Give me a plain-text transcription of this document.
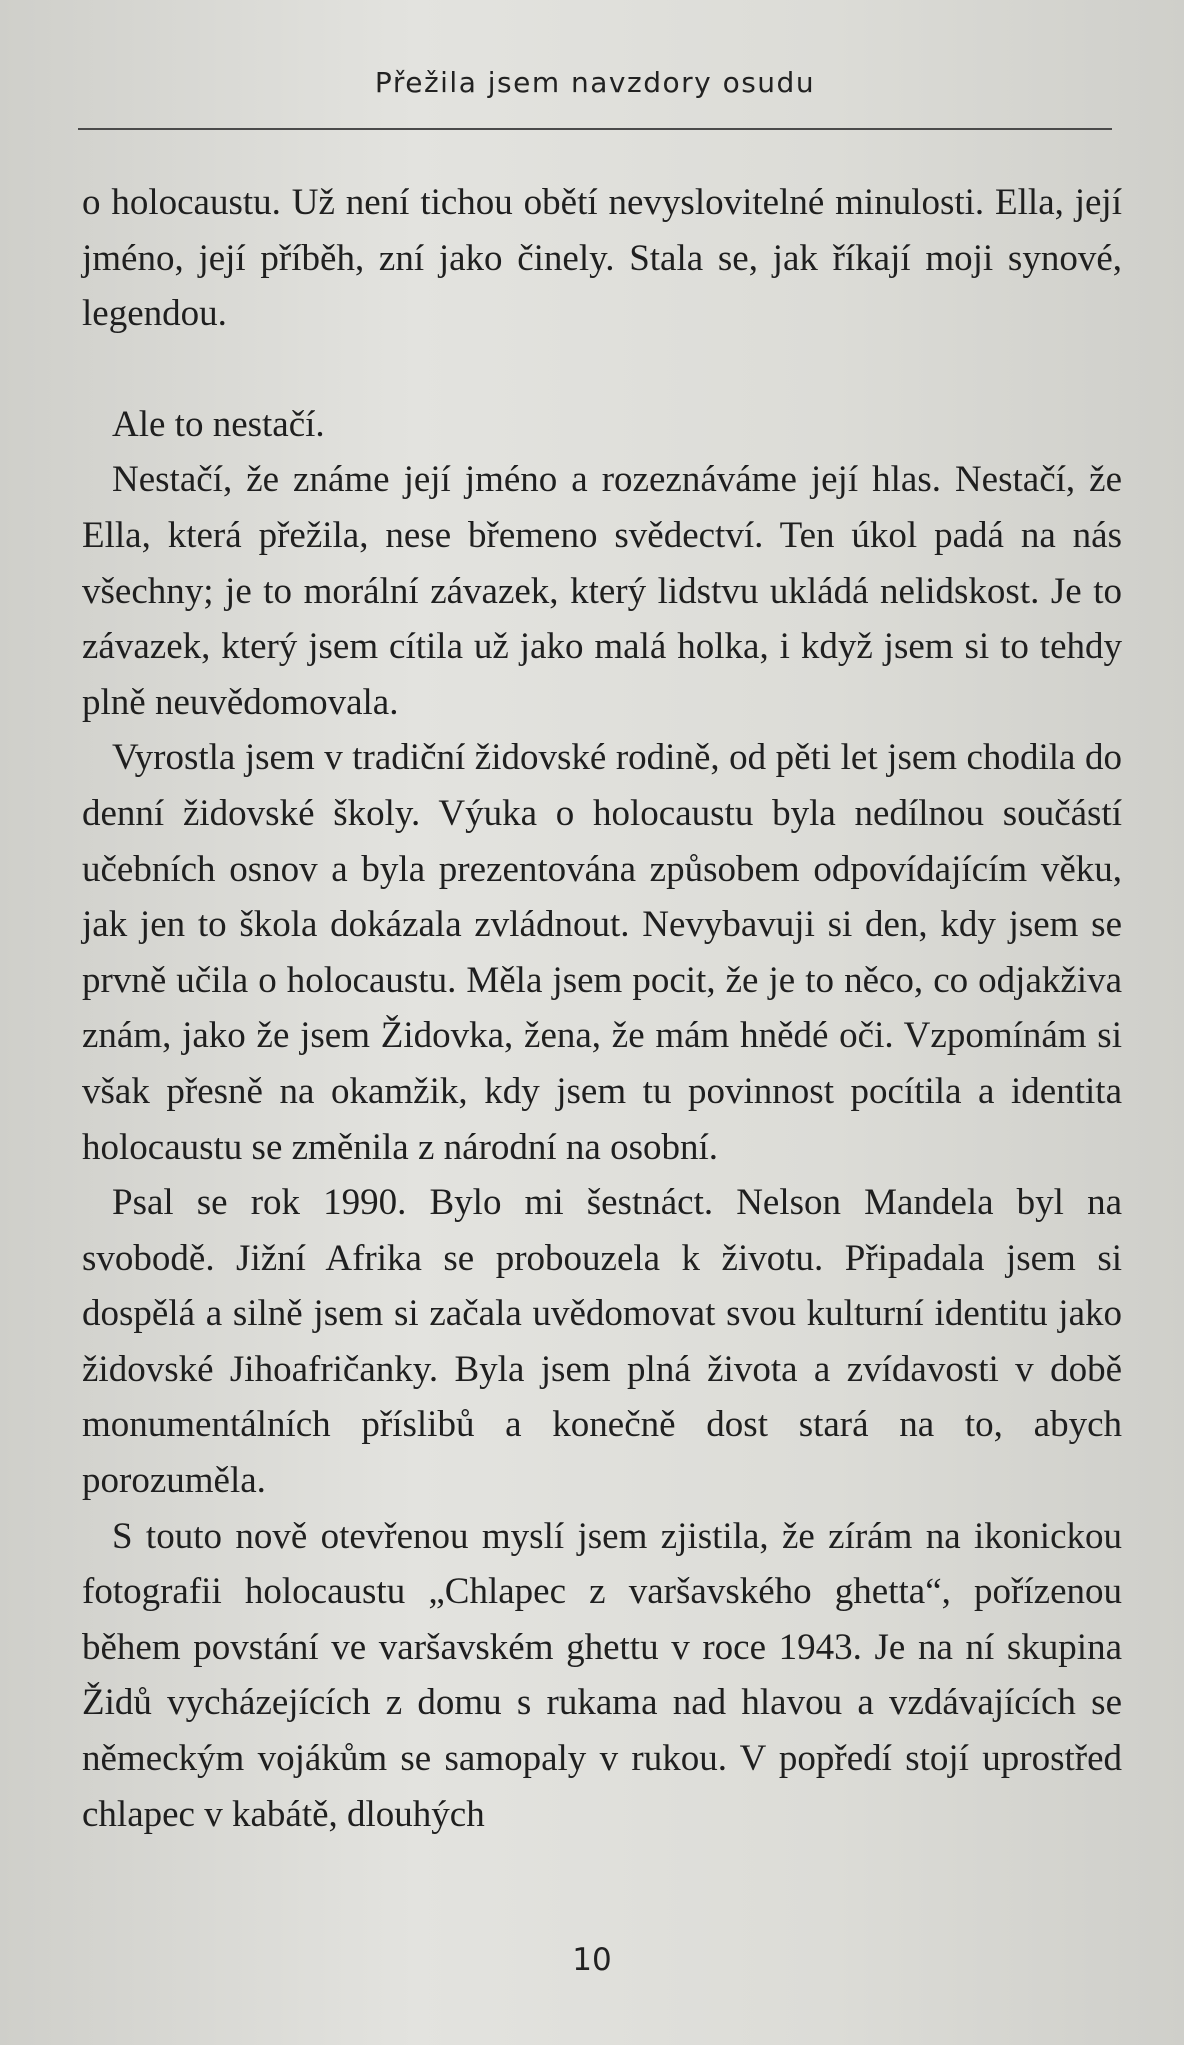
Přežila jsem navzdory osudu

o holocaustu. Už není tichou obětí nevyslovitelné minulosti. Ella, její jméno, její příběh, zní jako činely. Stala se, jak říkají moji synové, legendou.

Ale to nestačí.

Nestačí, že známe její jméno a rozeznáváme její hlas. Nestačí, že Ella, která přežila, nese břemeno svědectví. Ten úkol padá na nás všechny; je to morální závazek, který lidstvu ukládá nelidskost. Je to závazek, který jsem cítila už jako malá holka, i když jsem si to tehdy plně neuvědomovala.

Vyrostla jsem v tradiční židovské rodině, od pěti let jsem chodila do denní židovské školy. Výuka o holocaustu byla nedílnou součástí učebních osnov a byla prezentována způsobem odpovídajícím věku, jak jen to škola dokázala zvládnout. Nevybavuji si den, kdy jsem se prvně učila o holocaustu. Měla jsem pocit, že je to něco, co odjakživa znám, jako že jsem Židovka, žena, že mám hnědé oči. Vzpomínám si však přesně na okamžik, kdy jsem tu povinnost pocítila a identita holocaustu se změnila z národní na osobní.

Psal se rok 1990. Bylo mi šestnáct. Nelson Mandela byl na svobodě. Jižní Afrika se probouzela k životu. Připadala jsem si dospělá a silně jsem si začala uvědomovat svou kulturní identitu jako židovské Jihoafričanky. Byla jsem plná života a zvídavosti v době monumentálních příslibů a konečně dost stará na to, abych porozuměla.

S touto nově otevřenou myslí jsem zjistila, že zírám na ikonickou fotografii holocaustu „Chlapec z varšavského ghetta“, pořízenou během povstání ve varšavském ghettu v roce 1943. Je na ní skupina Židů vycházejících z domu s rukama nad hlavou a vzdávajících se německým vojákům se samopaly v rukou. V popředí stojí uprostřed chlapec v kabátě, dlouhých

10
